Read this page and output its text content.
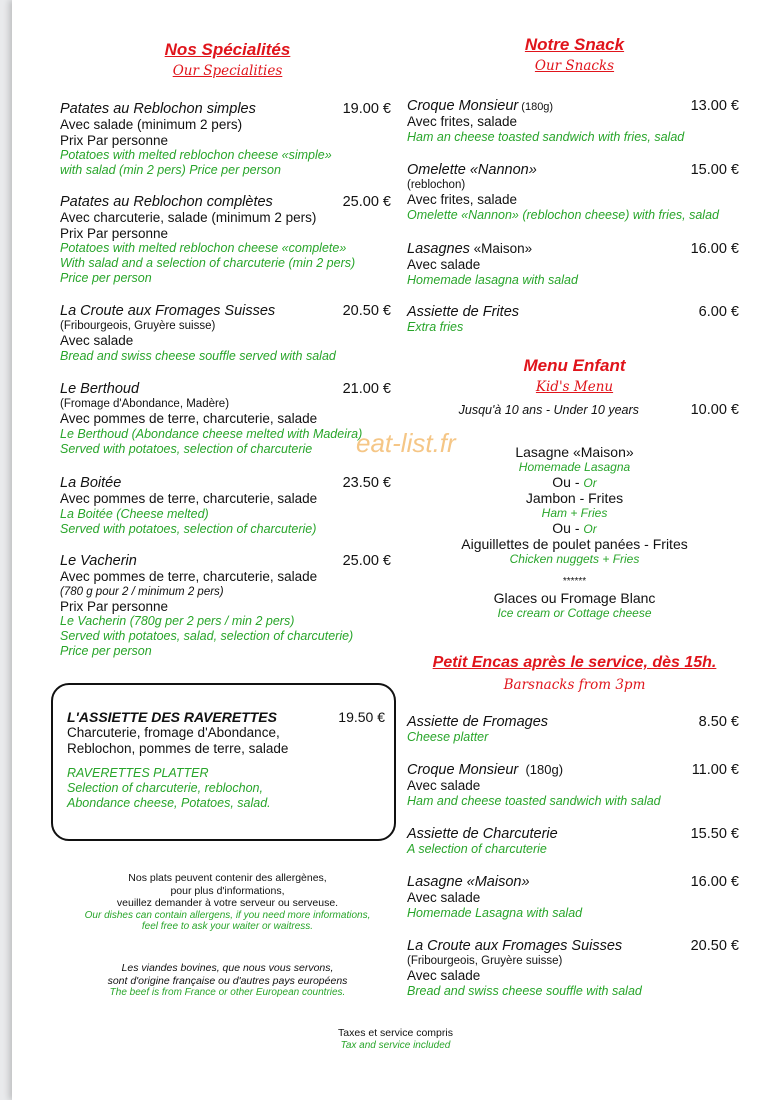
Nos Spécialités
Our Specialities
Patates au Reblochon simples	19.00 €
Avec salade (minimum 2 pers)
Prix Par personne
Potatoes with melted reblochon cheese «simple»
with salad (min 2 pers) Price per person
Patates au Reblochon complètes	25.00 €
Avec charcuterie, salade (minimum 2 pers)
Prix Par personne
Potatoes with melted reblochon cheese «complete»
With salad and a selection of charcuterie (min 2 pers)
Price per person
La Croute aux Fromages Suisses	20.50 €
(Fribourgeois, Gruyère suisse)
Avec salade
Bread and swiss cheese souffle served with salad
Le Berthoud	21.00 €
(Fromage d'Abondance, Madère)
Avec pommes de terre, charcuterie, salade
Le Berthoud (Abondance cheese melted with Madeira)
Served with potatoes, selection of charcuterie
La Boitée	23.50 €
Avec pommes de terre, charcuterie, salade
La Boitée (Cheese melted)
Served with potatoes, selection of charcuterie)
Le Vacherin	25.00 €
Avec pommes de terre, charcuterie, salade
(780 g pour 2 / minimum 2 pers)
Prix Par personne
Le Vacherin (780g per 2 pers / min 2 pers)
Served with potatoes, salad, selection of charcuterie)
Price per person
L'ASSIETTE DES RAVERETTES	19.50 €
Charcuterie, fromage d'Abondance,
Reblochon, pommes de terre, salade
RAVERETTES PLATTER
Selection of charcuterie, reblochon,
Abondance cheese, Potatoes, salad.
Nos plats peuvent contenir des allergènes,
pour plus d'informations,
veuillez demander à votre serveur ou serveuse.
Our dishes can contain allergens, if you need more informations,
feel free to ask your waiter or waitress.
Les viandes bovines, que nous vous servons,
sont d'origine française ou d'autres pays européens
The beef is from France or other European countries.
Notre Snack
Our Snacks
Croque Monsieur (180g)	13.00 €
Avec frites, salade
Ham an cheese toasted sandwich with fries, salad
Omelette «Nannon»	15.00 €
(reblochon)
Avec frites, salade
Omelette «Nannon» (reblochon cheese) with fries, salad
Lasagnes «Maison»	16.00 €
Avec salade
Homemade lasagna with salad
Assiette de Frites	6.00 €
Extra fries
Menu Enfant
Kid's Menu
Jusqu'à 10 ans - Under 10 years	10.00 €
Lasagne «Maison»
Homemade Lasagna
Ou - Or
Jambon - Frites
Ham + Fries
Ou - Or
Aiguillettes de poulet panées - Frites
Chicken nuggets + Fries
******
Glaces ou Fromage Blanc
Ice cream or Cottage cheese
Petit Encas après le service, dès 15h.
Barsnacks from 3pm
Assiette de Fromages	8.50 €
Cheese platter
Croque Monsieur  (180g)	11.00 €
Avec salade
Ham and cheese toasted sandwich with salad
Assiette de Charcuterie	15.50 €
A selection of charcuterie
Lasagne «Maison»	16.00 €
Avec salade
Homemade Lasagna with salad
La Croute aux Fromages Suisses	20.50 €
(Fribourgeois, Gruyère suisse)
Avec salade
Bread and swiss cheese souffle with salad
Taxes et service compris
Tax and service included
eat-list.fr
